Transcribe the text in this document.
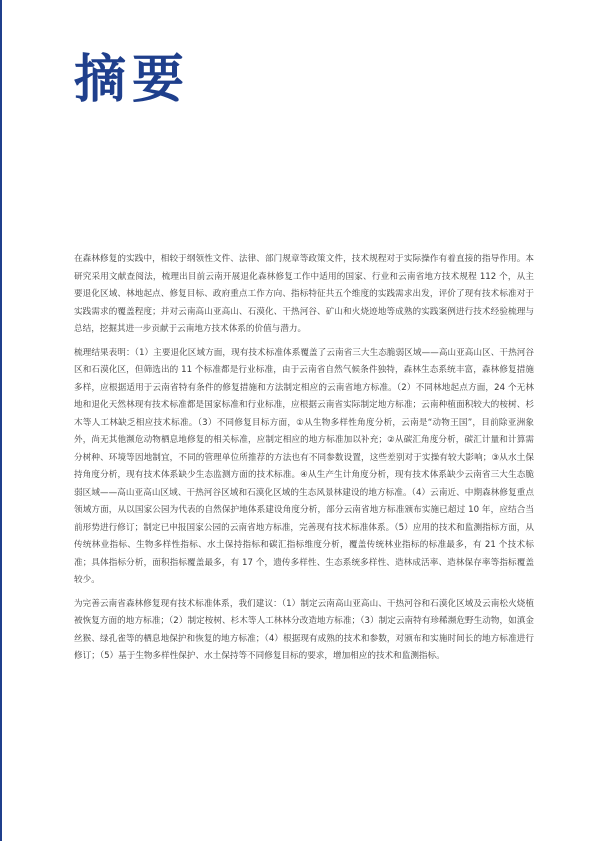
摘要

在森林修复的实践中，相较于纲领性文件、法律、部门规章等政策文件，技术规程对于实际操作有着直接的指导作用。本研究采用文献查阅法，梳理出目前云南开展退化森林修复工作中适用的国家、行业和云南省地方技术规程 112 个，从主要退化区域、林地起点、修复目标、政府重点工作方向、指标特征共五个维度的实践需求出发，评价了现有技术标准对于实践需求的覆盖程度；并对云南高山亚高山、石漠化、干热河谷、矿山和火烧迹地等成熟的实践案例进行技术经验梳理与总结，挖掘其进一步贡献于云南地方技术体系的价值与潜力。

梳理结果表明：（1）主要退化区域方面，现有技术标准体系覆盖了云南省三大生态脆弱区域——高山亚高山区、干热河谷区和石漠化区，但筛选出的 11 个标准都是行业标准，由于云南省自然气候条件独特，森林生态系统丰富，森林修复措施多样，应根据适用于云南省特有条件的修复措施和方法制定相应的云南省地方标准。（2）不同林地起点方面，24 个无林地和退化天然林现有技术标准都是国家标准和行业标准，应根据云南省实际制定地方标准；云南种植面积较大的桉树、杉木等人工林缺乏相应技术标准。（3）不同修复目标方面，①从生物多样性角度分析，云南是“动物王国”，目前除亚洲象外，尚无其他濒危动物栖息地修复的相关标准，应制定相应的地方标准加以补充；②从碳汇角度分析，碳汇计量和计算需分树种、环境等因地制宜，不同的管理单位所推荐的方法也有不同参数设置，这些差别对于实操有较大影响；③从水土保持角度分析，现有技术体系缺少生态监测方面的技术标准。④从生产生计角度分析，现有技术体系缺少云南省三大生态脆弱区域——高山亚高山区域、干热河谷区域和石漠化区域的生态风景林建设的地方标准。（4）云南近、中期森林修复重点领域方面，从以国家公园为代表的自然保护地体系建设角度分析，部分云南省地方标准颁布实施已超过 10 年，应结合当前形势进行修订；制定已申报国家公园的云南省地方标准，完善现有技术标准体系。（5）应用的技术和监测指标方面，从传统林业指标、生物多样性指标、水土保持指标和碳汇指标维度分析，覆盖传统林业指标的标准最多，有 21 个技术标准；具体指标分析，面积指标覆盖最多，有 17 个，遗传多样性、生态系统多样性、造林成活率、造林保存率等指标覆盖较少。

为完善云南省森林修复现有技术标准体系，我们建议：（1）制定云南高山亚高山、干热河谷和石漠化区域及云南松火烧植被恢复方面的地方标准；（2）制定桉树、杉木等人工林林分改造地方标准；（3）制定云南特有珍稀濒危野生动物，如滇金丝猴、绿孔雀等的栖息地保护和恢复的地方标准；（4）根据现有成熟的技术和参数，对颁布和实施时间长的地方标准进行修订；（5）基于生物多样性保护、水土保持等不同修复目标的要求，增加相应的技术和监测指标。
